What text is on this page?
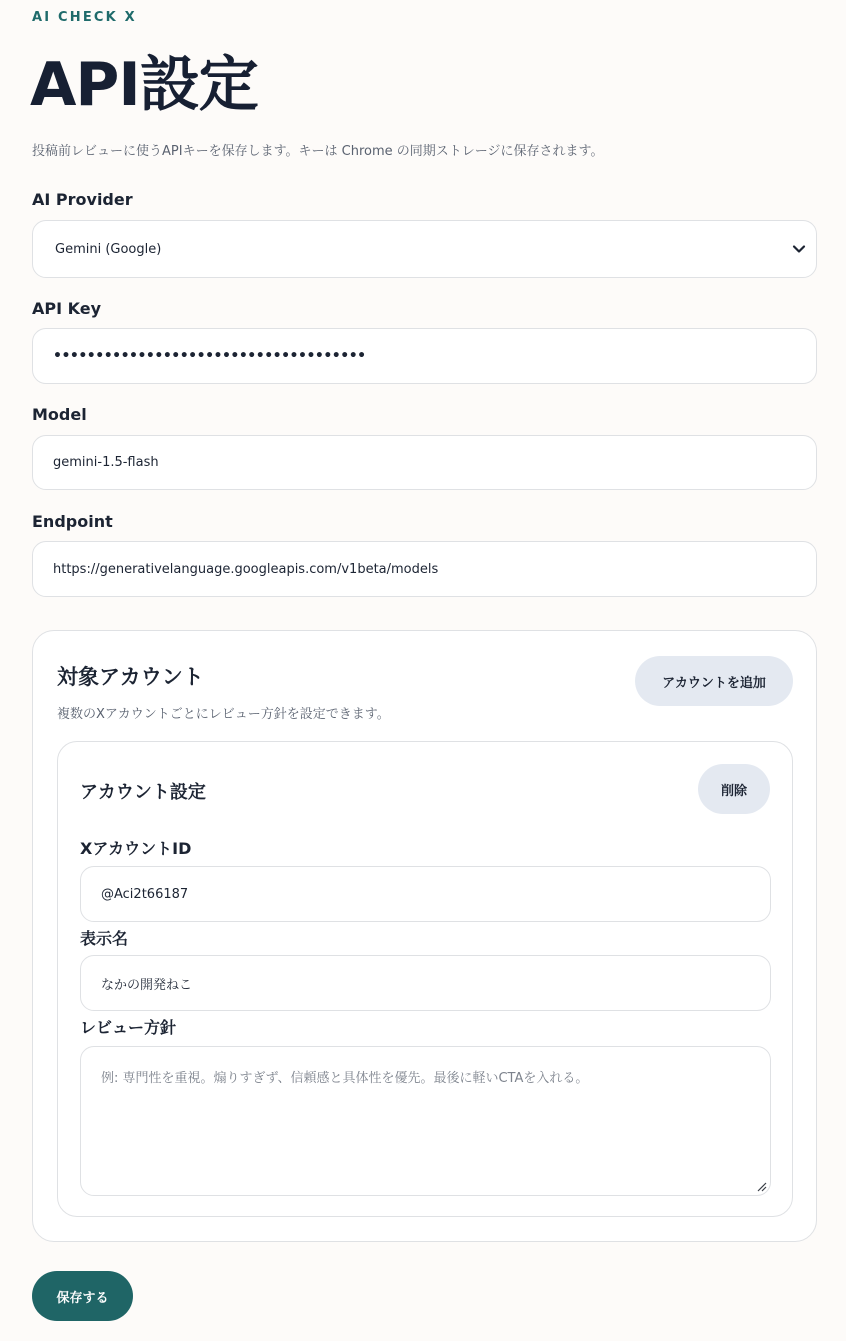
AI CHECK X
API設定

投稿前レビューに使うAPIキーを保存します。キーは Chrome の同期ストレージに保存されます。

AI Provider
Gemini (Google)
API Key
•••••••••••••••••••••••••••••••••••••
Model
gemini-1.5-flash
Endpoint
https://generativelanguage.googleapis.com/v1beta/models
対象アカウント
複数のXアカウントごとにレビュー方針を設定できます。
アカウントを追加
アカウント設定	削除
XアカウントID
@Aci2t66187
表示名
なかの開発ねこ
レビュー方針
例: 専門性を重視。煽りすぎず、信頼感と具体性を優先。最後に軽いCTAを入れる。
保存する
